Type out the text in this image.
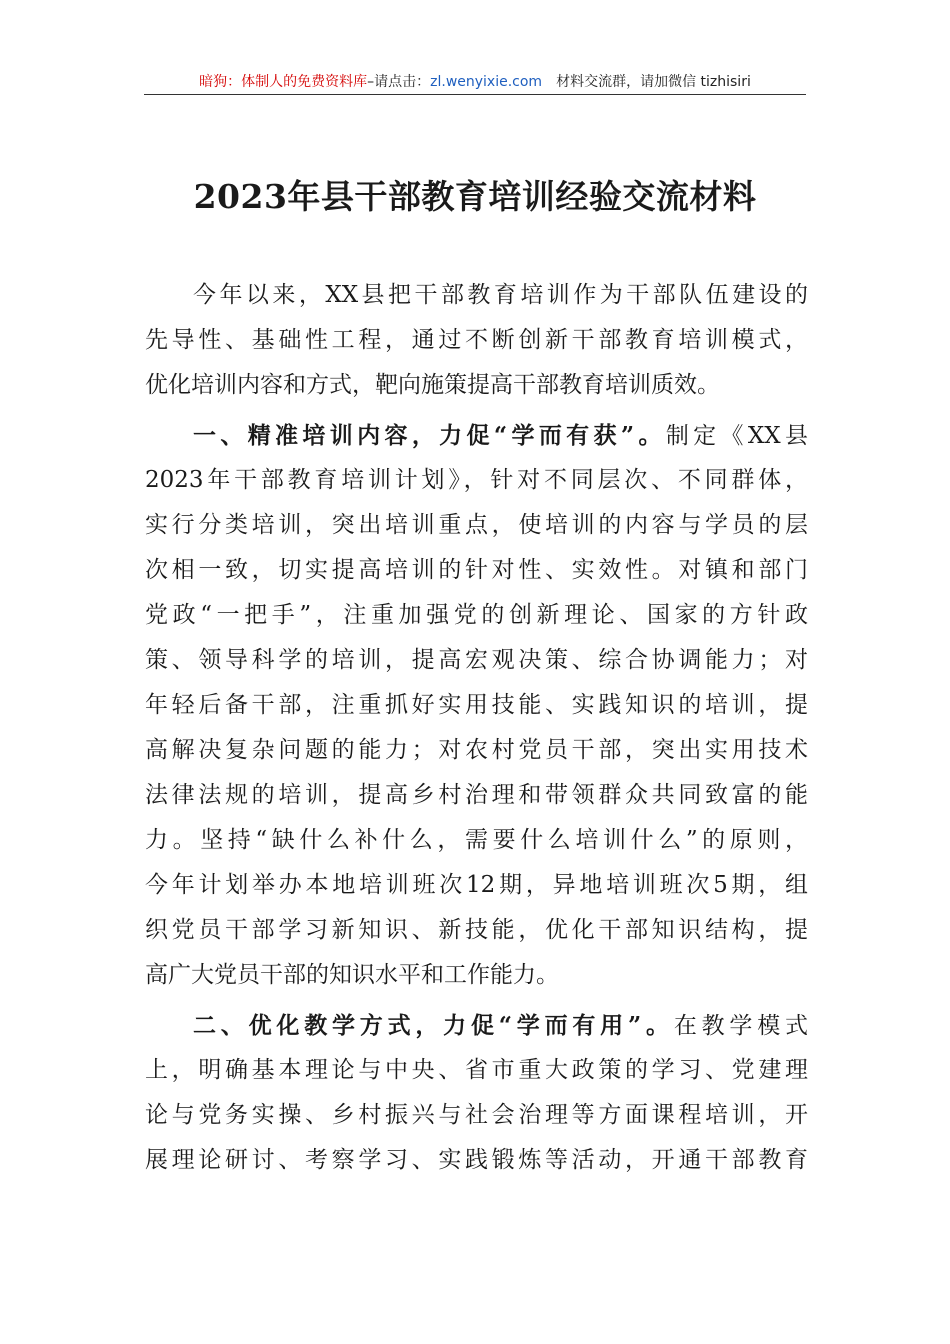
暗狗：体制人的免费资料库–请点击：zl.wenyixie.com 材料交流群，请加微信 tizhisiri
2023年县干部教育培训经验交流材料
今年以来，XX县把干部教育培训作为干部队伍建设的
先导性、基础性工程，通过不断创新干部教育培训模式，
优化培训内容和方式，靶向施策提高干部教育培训质效。
一、精准培训内容，力促“学而有获”。制定《XX县
2023年干部教育培训计划》，针对不同层次、不同群体，
实行分类培训，突出培训重点，使培训的内容与学员的层
次相一致，切实提高培训的针对性、实效性。对镇和部门
党政“一把手”，注重加强党的创新理论、国家的方针政
策、领导科学的培训，提高宏观决策、综合协调能力；对
年轻后备干部，注重抓好实用技能、实践知识的培训，提
高解决复杂问题的能力；对农村党员干部，突出实用技术
法律法规的培训，提高乡村治理和带领群众共同致富的能
力。坚持“缺什么补什么，需要什么培训什么”的原则，
今年计划举办本地培训班次12期，异地培训班次5期，组
织党员干部学习新知识、新技能，优化干部知识结构，提
高广大党员干部的知识水平和工作能力。
二、优化教学方式，力促“学而有用”。在教学模式
上，明确基本理论与中央、省市重大政策的学习、党建理
论与党务实操、乡村振兴与社会治理等方面课程培训，开
展理论研讨、考察学习、实践锻炼等活动，开通干部教育
